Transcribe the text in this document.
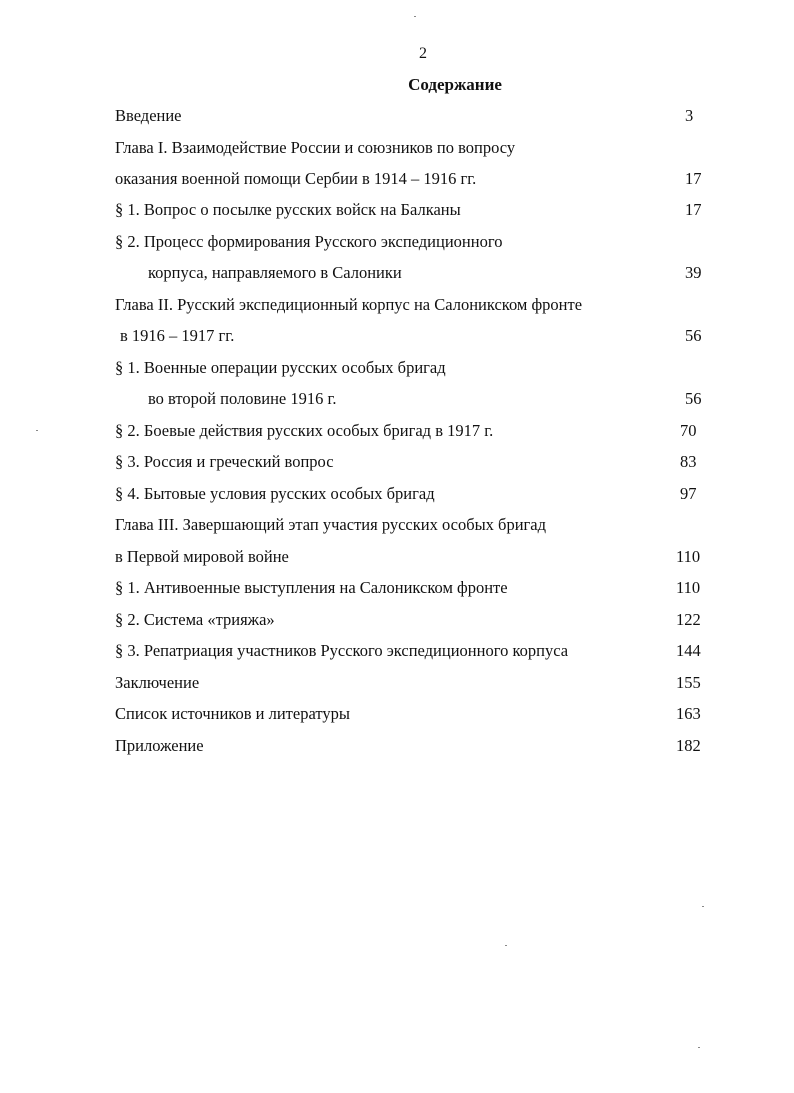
2
Содержание
Введение	3
Глава I. Взаимодействие России и союзников по вопросу
оказания военной помощи Сербии в 1914 – 1916 гг.	17
§ 1. Вопрос о посылке русских войск на Балканы	17
§ 2. Процесс формирования Русского экспедиционного
корпуса, направляемого в Салоники	39
Глава II. Русский экспедиционный корпус на Салоникском фронте
в 1916 – 1917 гг.	56
§ 1. Военные операции русских особых бригад
во второй половине 1916 г.	56
§ 2. Боевые действия русских особых бригад в 1917 г.	70
§ 3. Россия и греческий вопрос	83
§ 4. Бытовые условия русских особых бригад	97
Глава III. Завершающий этап участия русских особых бригад
в Первой мировой войне	110
§ 1. Антивоенные выступления на Салоникском фронте	110
§ 2. Система «трияжа»	122
§ 3. Репатриация участников Русского экспедиционного корпуса	144
Заключение	155
Список источников и литературы	163
Приложение	182
